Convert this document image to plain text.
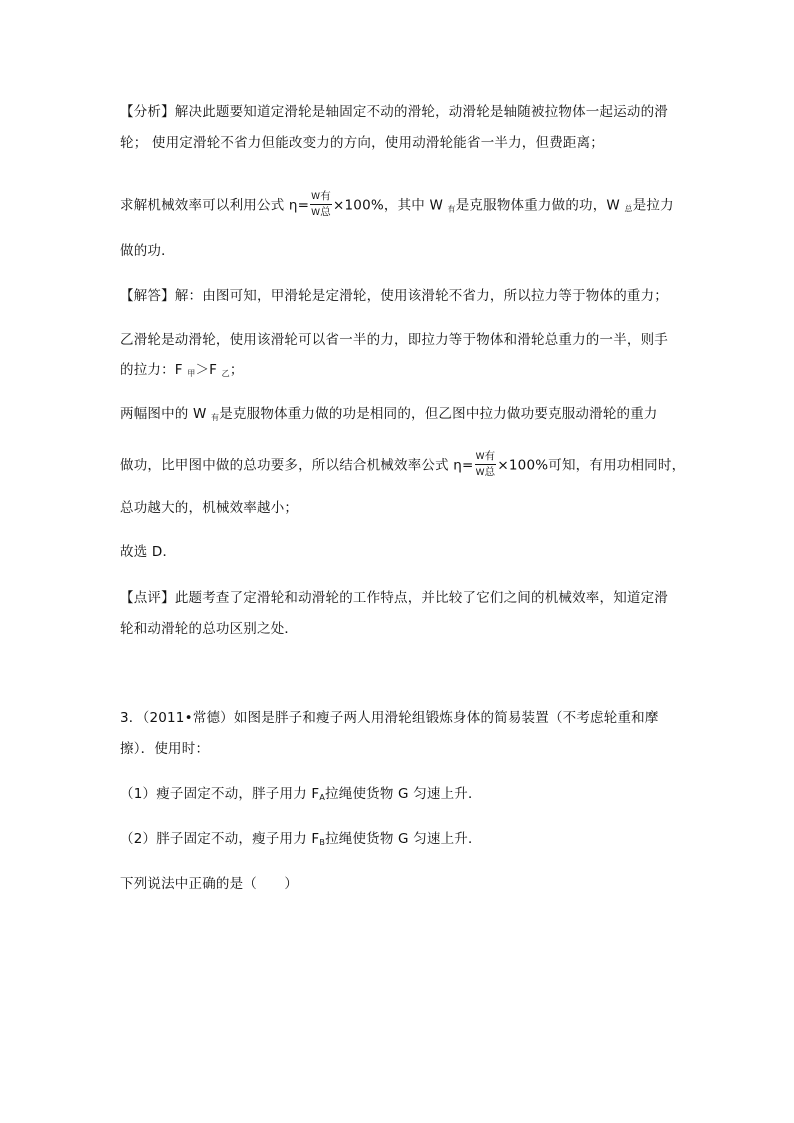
【分析】解决此题要知道定滑轮是轴固定不动的滑轮，动滑轮是轴随被拉物体一起运动的滑
轮； 使用定滑轮不省力但能改变力的方向，使用动滑轮能省一半力，但费距离；
求解机械效率可以利用公式 $\eta= \frac{\text{W有}}{\text{W总}} \times 100\%$，其中 W $_有$是克服物体重力做的功，W $_总$是拉力
做的功．
【解答】解：由图可知，甲滑轮是定滑轮，使用该滑轮不省力，所以拉力等于物体的重力；
乙滑轮是动滑轮，使用该滑轮可以省一半的力，即拉力等于物体和滑轮总重力的一半，则手
的拉力：F $_甲$＞F $_乙$；
两幅图中的 W $_有$是克服物体重力做的功是相同的，但乙图中拉力做功要克服动滑轮的重力
做功，比甲图中做的总功要多，所以结合机械效率公式 $\eta= \frac{\text{W有}}{\text{W总}} \times 100\%$可知，有用功相同时，
总功越大的，机械效率越小；
故选 D．
【点评】此题考查了定滑轮和动滑轮的工作特点，并比较了它们之间的机械效率，知道定滑
轮和动滑轮的总功区别之处．
3．（2011•常德）如图是胖子和瘦子两人用滑轮组锻炼身体的简易装置（不考虑轮重和摩
擦）．使用时：
（1）瘦子固定不动，胖子用力 $F_A$拉绳使货物 G 匀速上升．
（2）胖子固定不动，瘦子用力 $F_B$拉绳使货物 G 匀速上升．
下列说法中正确的是（　　）
